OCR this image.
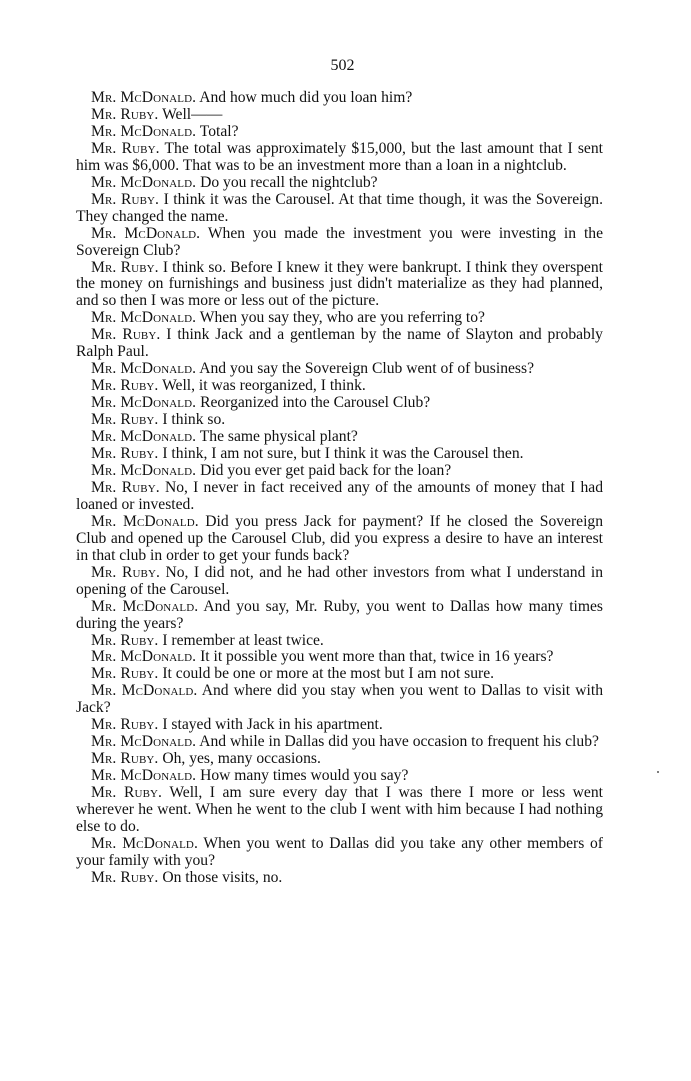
502

Mr. McDonald. And how much did you loan him?

Mr. Ruby. Well——

Mr. McDonald. Total?

Mr. Ruby. The total was approximately $15,000, but the last amount that I sent him was $6,000. That was to be an investment more than a loan in a nightclub.

Mr. McDonald. Do you recall the nightclub?

Mr. Ruby. I think it was the Carousel. At that time though, it was the Sovereign. They changed the name.

Mr. McDonald. When you made the investment you were investing in the Sovereign Club?

Mr. Ruby. I think so. Before I knew it they were bankrupt. I think they overspent the money on furnishings and business just didn't materialize as they had planned, and so then I was more or less out of the picture.

Mr. McDonald. When you say they, who are you referring to?

Mr. Ruby. I think Jack and a gentleman by the name of Slayton and probably Ralph Paul.

Mr. McDonald. And you say the Sovereign Club went of of business?

Mr. Ruby. Well, it was reorganized, I think.

Mr. McDonald. Reorganized into the Carousel Club?

Mr. Ruby. I think so.

Mr. McDonald. The same physical plant?

Mr. Ruby. I think, I am not sure, but I think it was the Carousel then.

Mr. McDonald. Did you ever get paid back for the loan?

Mr. Ruby. No, I never in fact received any of the amounts of money that I had loaned or invested.

Mr. McDonald. Did you press Jack for payment? If he closed the Sovereign Club and opened up the Carousel Club, did you express a desire to have an interest in that club in order to get your funds back?

Mr. Ruby. No, I did not, and he had other investors from what I understand in opening of the Carousel.

Mr. McDonald. And you say, Mr. Ruby, you went to Dallas how many times during the years?

Mr. Ruby. I remember at least twice.

Mr. McDonald. It it possible you went more than that, twice in 16 years?

Mr. Ruby. It could be one or more at the most but I am not sure.

Mr. McDonald. And where did you stay when you went to Dallas to visit with Jack?

Mr. Ruby. I stayed with Jack in his apartment.

Mr. McDonald. And while in Dallas did you have occasion to frequent his club?

Mr. Ruby. Oh, yes, many occasions.

Mr. McDonald. How many times would you say?

Mr. Ruby. Well, I am sure every day that I was there I more or less went wherever he went. When he went to the club I went with him because I had nothing else to do.

Mr. McDonald. When you went to Dallas did you take any other members of your family with you?

Mr. Ruby. On those visits, no.
